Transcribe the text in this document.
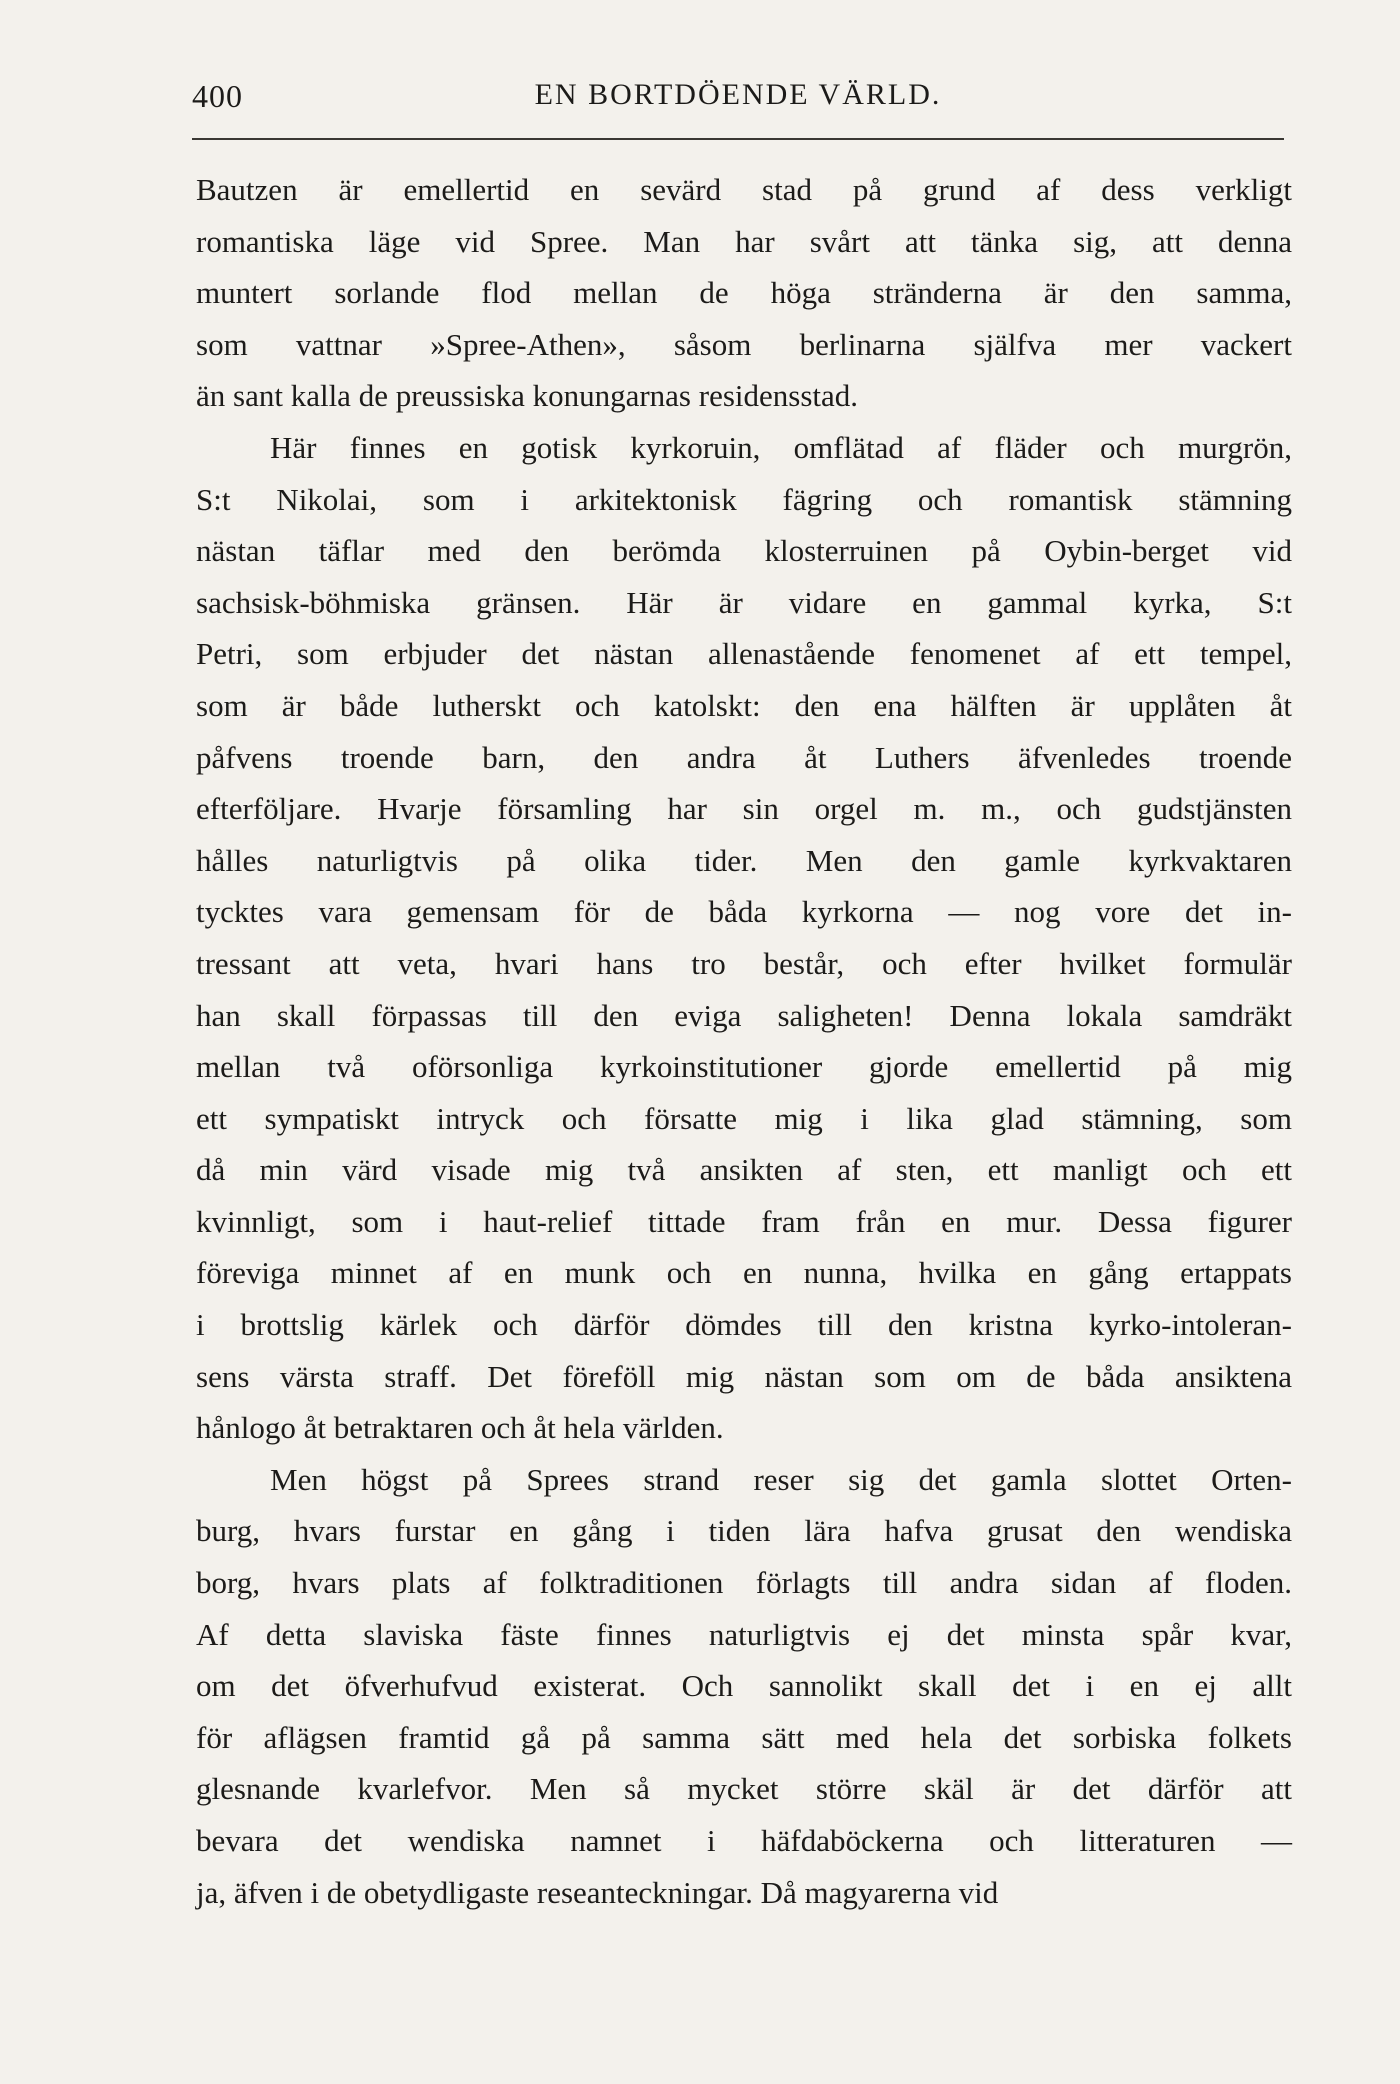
400	EN BORTDÖENDE VÄRLD.
Bautzen är emellertid en sevärd stad på grund af dess verkligt
romantiska läge vid Spree. Man har svårt att tänka sig, att denna
muntert sorlande flod mellan de höga stränderna är den samma,
som vattnar »Spree-Athen», såsom berlinarna själfva mer vackert
än sant kalla de preussiska konungarnas residensstad.
Här finnes en gotisk kyrkoruin, omflätad af fläder och murgrön,
S:t Nikolai, som i arkitektonisk fägring och romantisk stämning
nästan täflar med den berömda klosterruinen på Oybin-berget vid
sachsisk-böhmiska gränsen. Här är vidare en gammal kyrka, S:t
Petri, som erbjuder det nästan allenastående fenomenet af ett tempel,
som är både lutherskt och katolskt: den ena hälften är upplåten åt
påfvens troende barn, den andra åt Luthers äfvenledes troende
efterföljare. Hvarje församling har sin orgel m. m., och gudstjänsten
hålles naturligtvis på olika tider. Men den gamle kyrkvaktaren
tycktes vara gemensam för de båda kyrkorna — nog vore det in-
tressant att veta, hvari hans tro består, och efter hvilket formulär
han skall förpassas till den eviga saligheten! Denna lokala samdräkt
mellan två oförsonliga kyrkoinstitutioner gjorde emellertid på mig
ett sympatiskt intryck och försatte mig i lika glad stämning, som
då min värd visade mig två ansikten af sten, ett manligt och ett
kvinnligt, som i haut-relief tittade fram från en mur. Dessa figurer
föreviga minnet af en munk och en nunna, hvilka en gång ertappats
i brottslig kärlek och därför dömdes till den kristna kyrko-intoleran-
sens värsta straff. Det föreföll mig nästan som om de båda ansiktena
hånlogo åt betraktaren och åt hela världen.
Men högst på Sprees strand reser sig det gamla slottet Orten-
burg, hvars furstar en gång i tiden lära hafva grusat den wendiska
borg, hvars plats af folktraditionen förlagts till andra sidan af floden.
Af detta slaviska fäste finnes naturligtvis ej det minsta spår kvar,
om det öfverhufvud existerat. Och sannolikt skall det i en ej allt
för aflägsen framtid gå på samma sätt med hela det sorbiska folkets
glesnande kvarlefvor. Men så mycket större skäl är det därför att
bevara det wendiska namnet i häfdaböckerna och litteraturen —
ja, äfven i de obetydligaste reseanteckningar. Då magyarerna vid
